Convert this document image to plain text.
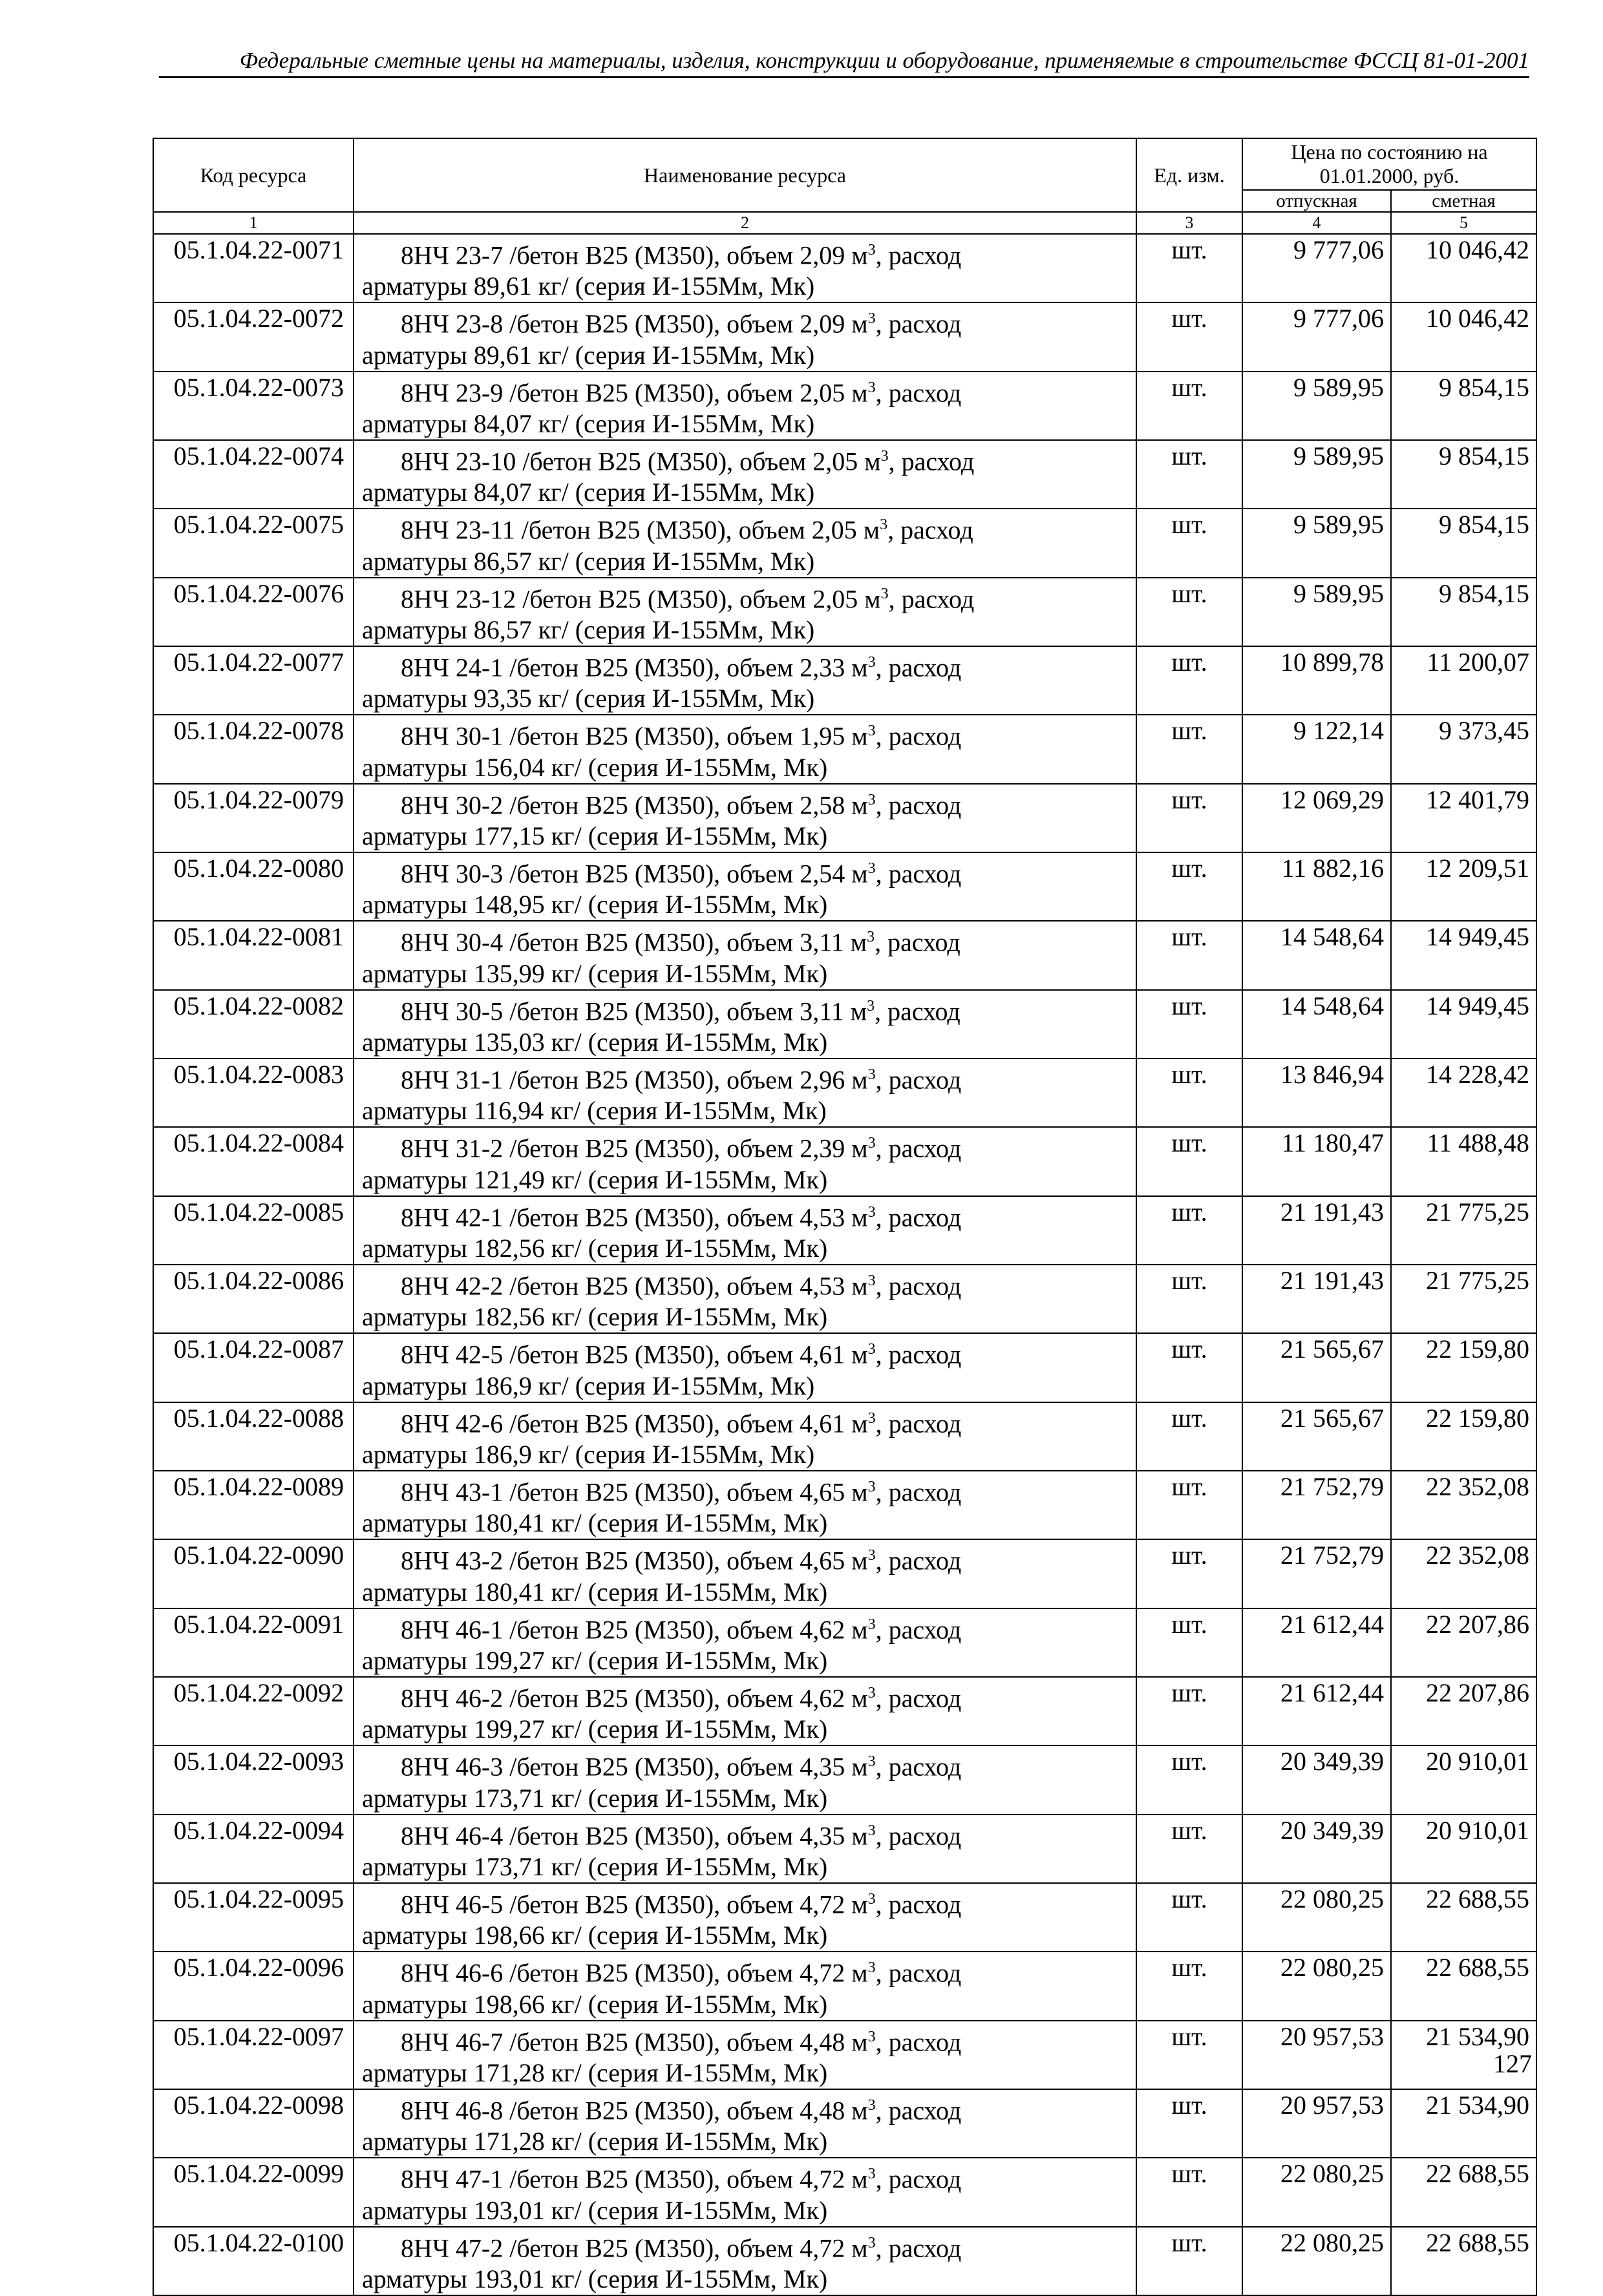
Федеральные сметные цены на материалы, изделия, конструкции и оборудование, применяемые в строительстве ФССЦ 81-01-2001
Код ресурса	Наименование ресурса	Ед. изм.	Цена по состоянию на 01.01.2000, руб.	
			отпускная	сметная
1	2	3	4	5
05.1.04.22-0071	8НЧ 23-7 /бетон В25 (М350), объем 2,09 $м^3$, расход
арматуры 89,61 кг/ (серия И-155Мм, Мк)	шт.	9 777,06	10 046,42
05.1.04.22-0072	8НЧ 23-8 /бетон В25 (М350), объем 2,09 $м^3$, расход
арматуры 89,61 кг/ (серия И-155Мм, Мк)	шт.	9 777,06	10 046,42
05.1.04.22-0073	8НЧ 23-9 /бетон В25 (М350), объем 2,05 $м^3$, расход
арматуры 84,07 кг/ (серия И-155Мм, Мк)	шт.	9 589,95	9 854,15
05.1.04.22-0074	8НЧ 23-10 /бетон В25 (М350), объем 2,05 $м^3$, расход
арматуры 84,07 кг/ (серия И-155Мм, Мк)	шт.	9 589,95	9 854,15
05.1.04.22-0075	8НЧ 23-11 /бетон В25 (М350), объем 2,05 $м^3$, расход
арматуры 86,57 кг/ (серия И-155Мм, Мк)	шт.	9 589,95	9 854,15
05.1.04.22-0076	8НЧ 23-12 /бетон В25 (М350), объем 2,05 $м^3$, расход
арматуры 86,57 кг/ (серия И-155Мм, Мк)	шт.	9 589,95	9 854,15
05.1.04.22-0077	8НЧ 24-1 /бетон В25 (М350), объем 2,33 $м^3$, расход
арматуры 93,35 кг/ (серия И-155Мм, Мк)	шт.	10 899,78	11 200,07
05.1.04.22-0078	8НЧ 30-1 /бетон В25 (М350), объем 1,95 $м^3$, расход
арматуры 156,04 кг/ (серия И-155Мм, Мк)	шт.	9 122,14	9 373,45
05.1.04.22-0079	8НЧ 30-2 /бетон В25 (М350), объем 2,58 $м^3$, расход
арматуры 177,15 кг/ (серия И-155Мм, Мк)	шт.	12 069,29	12 401,79
05.1.04.22-0080	8НЧ 30-3 /бетон В25 (М350), объем 2,54 $м^3$, расход
арматуры 148,95 кг/ (серия И-155Мм, Мк)	шт.	11 882,16	12 209,51
05.1.04.22-0081	8НЧ 30-4 /бетон В25 (М350), объем 3,11 $м^3$, расход
арматуры 135,99 кг/ (серия И-155Мм, Мк)	шт.	14 548,64	14 949,45
05.1.04.22-0082	8НЧ 30-5 /бетон В25 (М350), объем 3,11 $м^3$, расход
арматуры 135,03 кг/ (серия И-155Мм, Мк)	шт.	14 548,64	14 949,45
05.1.04.22-0083	8НЧ 31-1 /бетон В25 (М350), объем 2,96 $м^3$, расход
арматуры 116,94 кг/ (серия И-155Мм, Мк)	шт.	13 846,94	14 228,42
05.1.04.22-0084	8НЧ 31-2 /бетон В25 (М350), объем 2,39 $м^3$, расход
арматуры 121,49 кг/ (серия И-155Мм, Мк)	шт.	11 180,47	11 488,48
05.1.04.22-0085	8НЧ 42-1 /бетон В25 (М350), объем 4,53 $м^3$, расход
арматуры 182,56 кг/ (серия И-155Мм, Мк)	шт.	21 191,43	21 775,25
05.1.04.22-0086	8НЧ 42-2 /бетон В25 (М350), объем 4,53 $м^3$, расход
арматуры 182,56 кг/ (серия И-155Мм, Мк)	шт.	21 191,43	21 775,25
05.1.04.22-0087	8НЧ 42-5 /бетон В25 (М350), объем 4,61 $м^3$, расход
арматуры 186,9 кг/ (серия И-155Мм, Мк)	шт.	21 565,67	22 159,80
05.1.04.22-0088	8НЧ 42-6 /бетон В25 (М350), объем 4,61 $м^3$, расход
арматуры 186,9 кг/ (серия И-155Мм, Мк)	шт.	21 565,67	22 159,80
05.1.04.22-0089	8НЧ 43-1 /бетон В25 (М350), объем 4,65 $м^3$, расход
арматуры 180,41 кг/ (серия И-155Мм, Мк)	шт.	21 752,79	22 352,08
05.1.04.22-0090	8НЧ 43-2 /бетон В25 (М350), объем 4,65 $м^3$, расход
арматуры 180,41 кг/ (серия И-155Мм, Мк)	шт.	21 752,79	22 352,08
05.1.04.22-0091	8НЧ 46-1 /бетон В25 (М350), объем 4,62 $м^3$, расход
арматуры 199,27 кг/ (серия И-155Мм, Мк)	шт.	21 612,44	22 207,86
05.1.04.22-0092	8НЧ 46-2 /бетон В25 (М350), объем 4,62 $м^3$, расход
арматуры 199,27 кг/ (серия И-155Мм, Мк)	шт.	21 612,44	22 207,86
05.1.04.22-0093	8НЧ 46-3 /бетон В25 (М350), объем 4,35 $м^3$, расход
арматуры 173,71 кг/ (серия И-155Мм, Мк)	шт.	20 349,39	20 910,01
05.1.04.22-0094	8НЧ 46-4 /бетон В25 (М350), объем 4,35 $м^3$, расход
арматуры 173,71 кг/ (серия И-155Мм, Мк)	шт.	20 349,39	20 910,01
05.1.04.22-0095	8НЧ 46-5 /бетон В25 (М350), объем 4,72 $м^3$, расход
арматуры 198,66 кг/ (серия И-155Мм, Мк)	шт.	22 080,25	22 688,55
05.1.04.22-0096	8НЧ 46-6 /бетон В25 (М350), объем 4,72 $м^3$, расход
арматуры 198,66 кг/ (серия И-155Мм, Мк)	шт.	22 080,25	22 688,55
05.1.04.22-0097	8НЧ 46-7 /бетон В25 (М350), объем 4,48 $м^3$, расход
арматуры 171,28 кг/ (серия И-155Мм, Мк)	шт.	20 957,53	21 534,90
05.1.04.22-0098	8НЧ 46-8 /бетон В25 (М350), объем 4,48 $м^3$, расход
арматуры 171,28 кг/ (серия И-155Мм, Мк)	шт.	20 957,53	21 534,90
05.1.04.22-0099	8НЧ 47-1 /бетон В25 (М350), объем 4,72 $м^3$, расход
арматуры 193,01 кг/ (серия И-155Мм, Мк)	шт.	22 080,25	22 688,55
05.1.04.22-0100	8НЧ 47-2 /бетон В25 (М350), объем 4,72 $м^3$, расход
арматуры 193,01 кг/ (серия И-155Мм, Мк)	шт.	22 080,25	22 688,55
127
